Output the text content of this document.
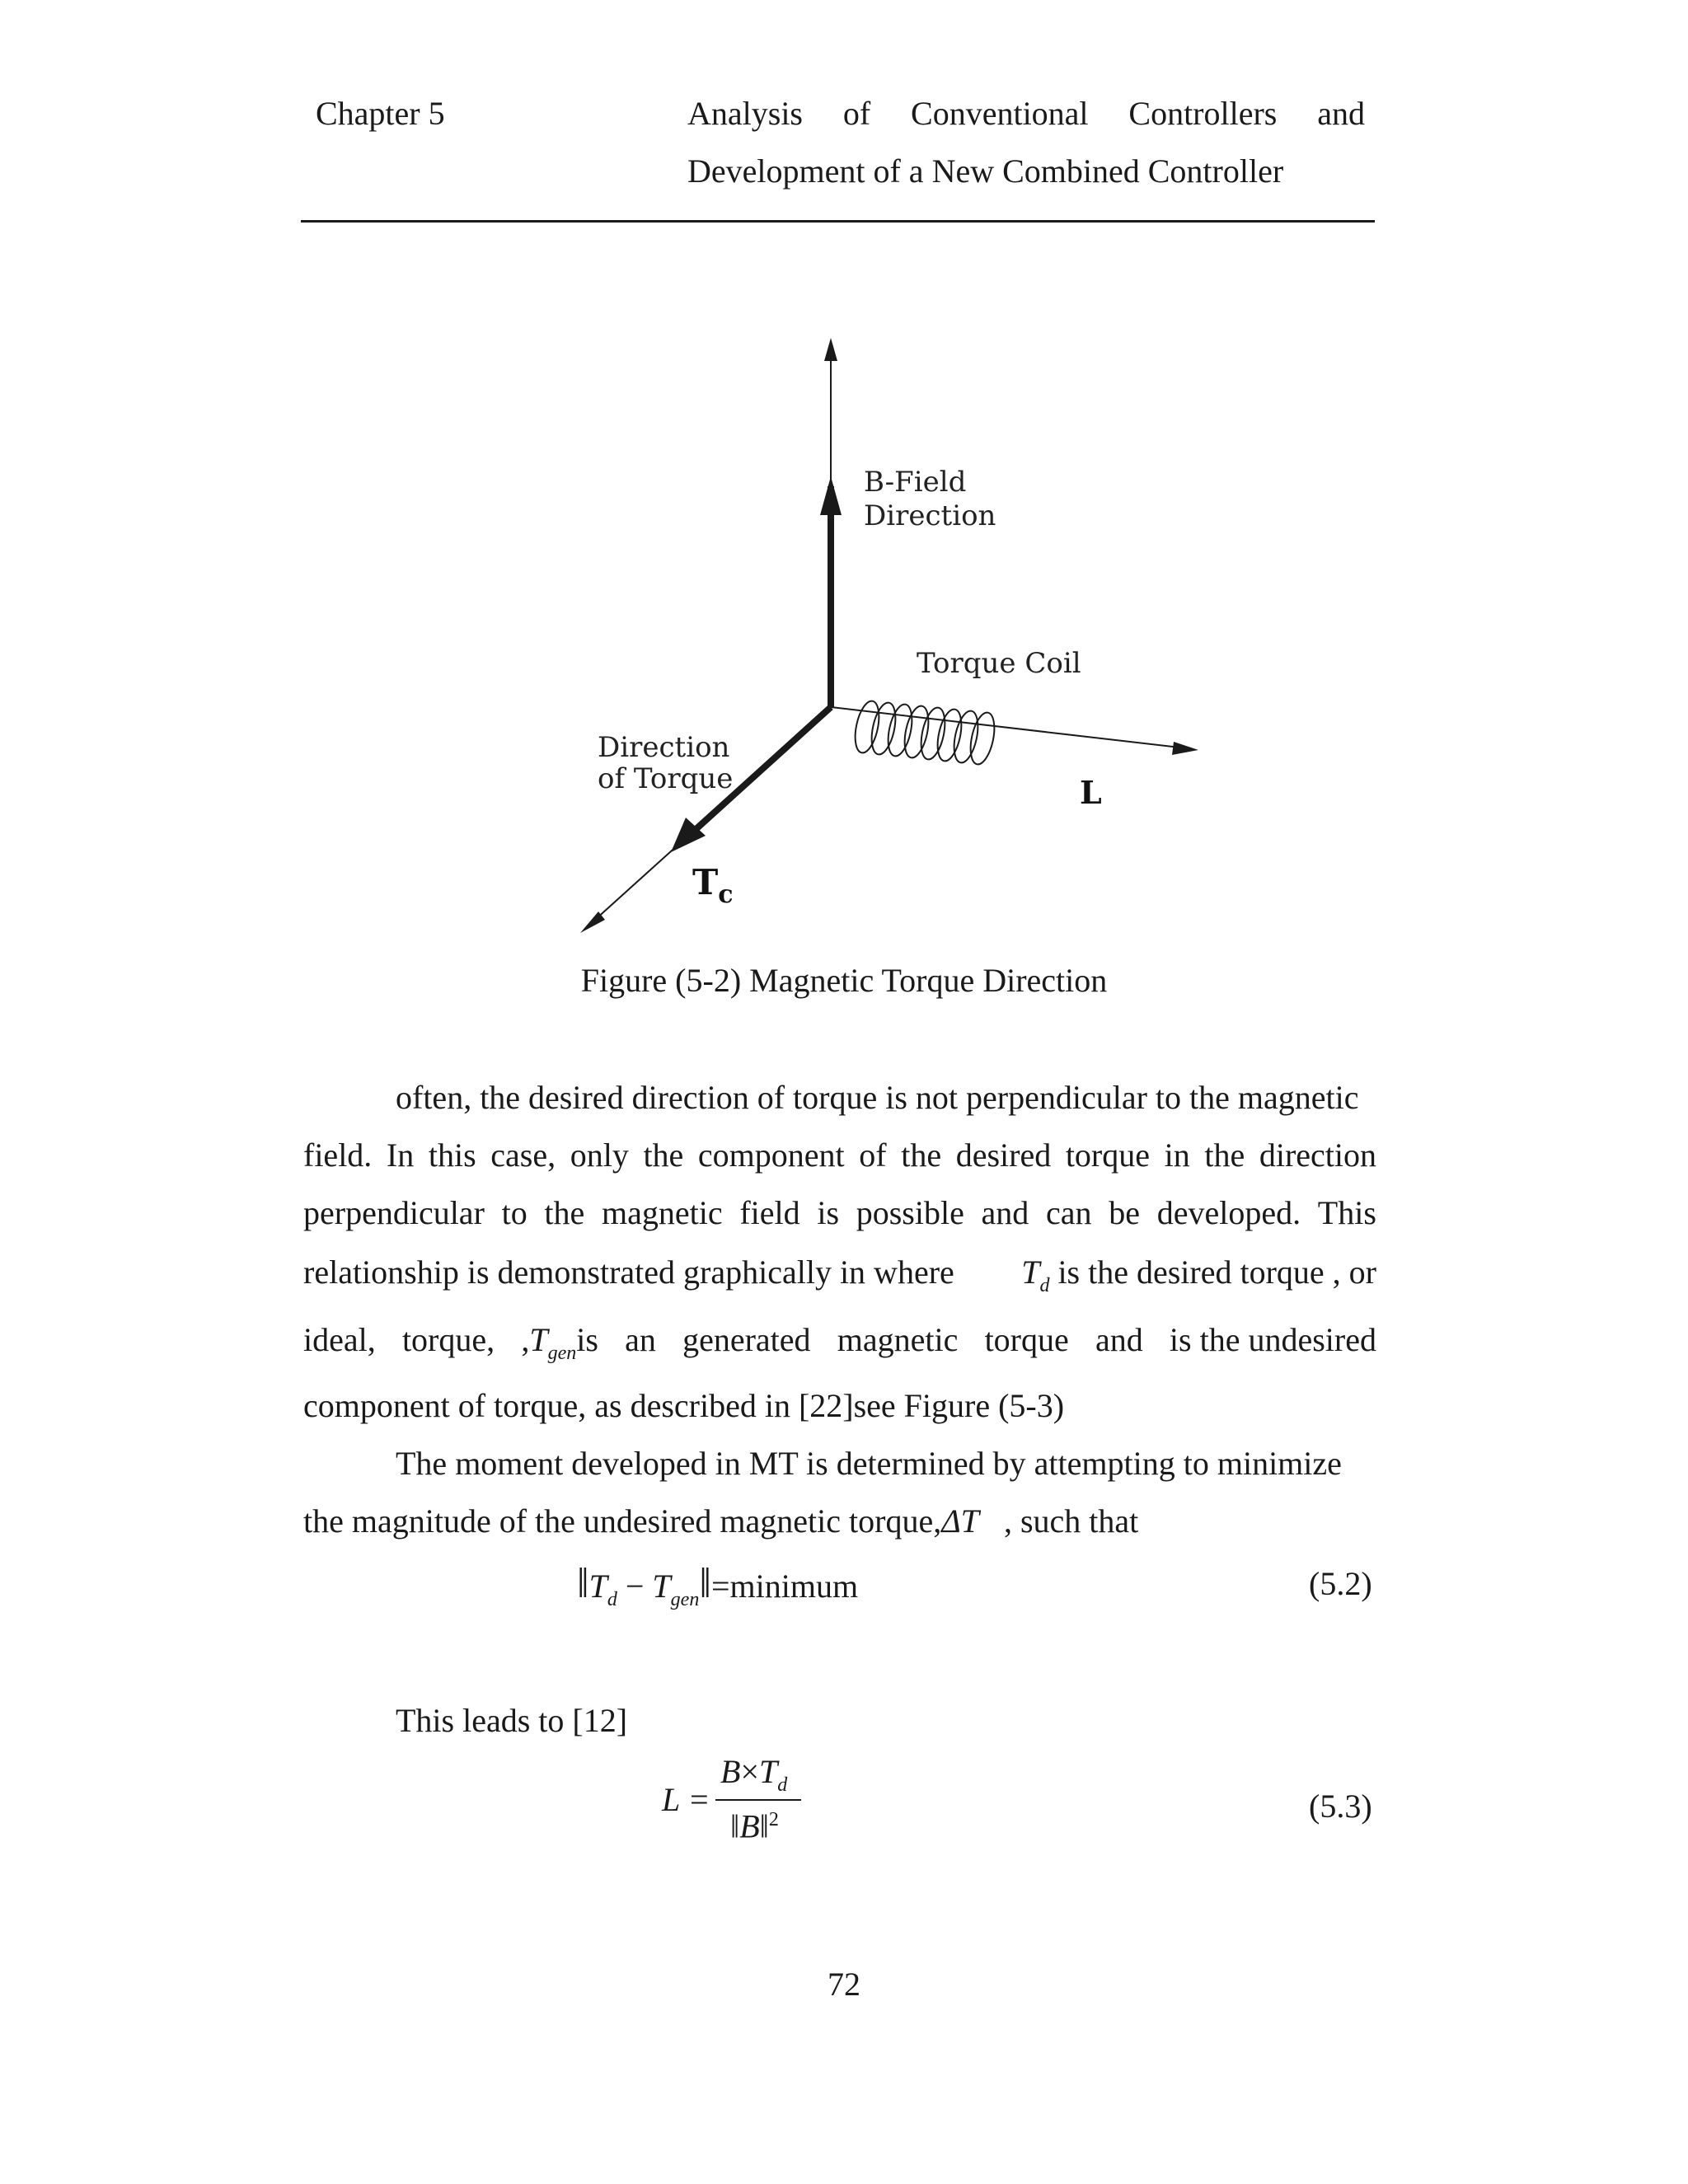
Chapter 5	Analysis of Conventional Controllers and
Development of a New Combined Controller
B-Field
Direction
Torque Coil
Direction
of Torque	L
$T_c$
Figure (5-2) Magnetic Torque Direction
often, the desired direction of torque is not perpendicular to the magnetic
field. In this case, only the component of the desired torque in the direction
perpendicular to the magnetic field is possible and can be developed. This
relationship is demonstrated graphically in where $T_d$ is the desired torque , or
ideal, torque, $,T_{gen}is$ an generated magnetic torque and is the undesired
component of torque, as described in [22]see Figure (5-3)
The moment developed in MT is determined by attempting to minimize
the magnitude of the undesired magnetic torque,ΔT , such that
$‖T_d$ − $T_{gen}‖=minimum$	(5.2)
This leads to [12]
L =
$B\times T_d$
‖B‖$^2$	(5.3)
72
